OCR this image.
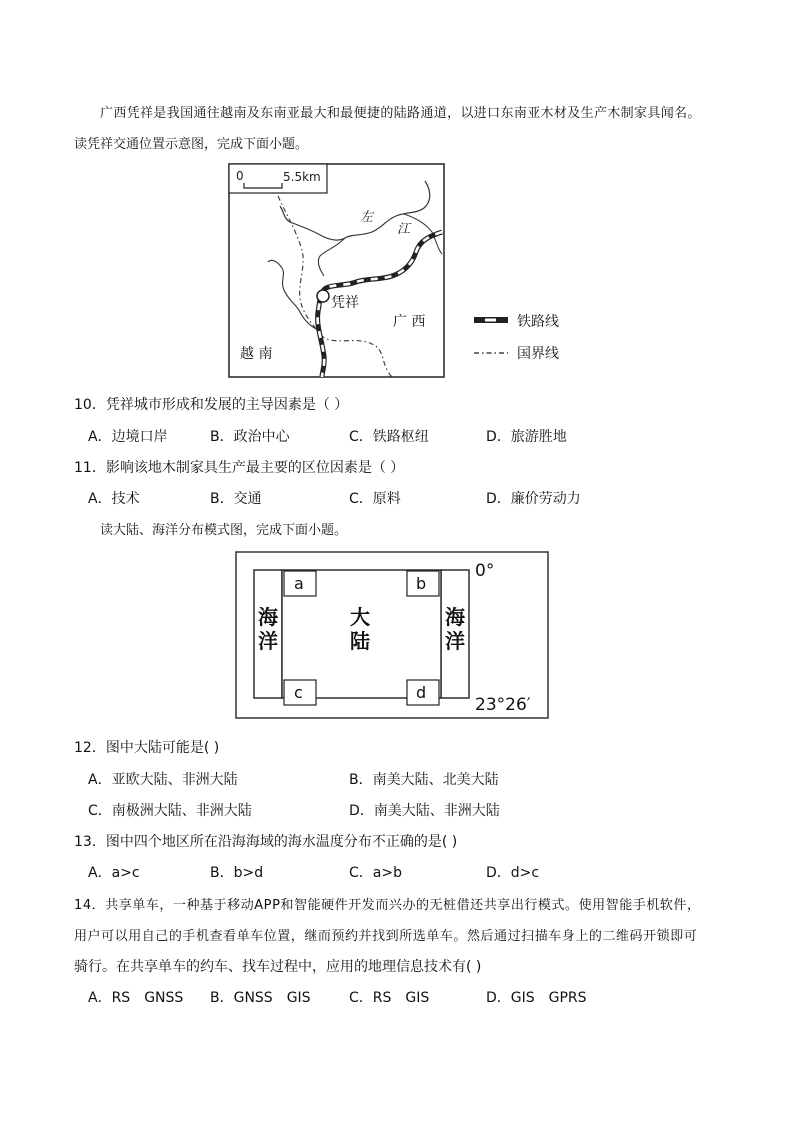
广西凭祥是我国通往越南及东南亚最大和最便捷的陆路通道，以进口东南亚木材及生产木制家具闻名。
读凭祥交通位置示意图，完成下面小题。
0	5.5km
左
江
凭祥
广 西
越 南
铁路线
国界线
10．凭祥城市形成和发展的主导因素是（ ）
A．边境口岸	B．政治中心	C．铁路枢纽	D．旅游胜地
11．影响该地木制家具生产最主要的区位因素是（ ）
A．技术	B．交通	C．原料	D．廉价劳动力
读大陆、海洋分布模式图，完成下面小题。
a	b
c	d
海
洋
海
洋
大
陆
0°
23°26′
12．图中大陆可能是( )
A．亚欧大陆、非洲大陆	B．南美大陆、北美大陆
C．南极洲大陆、非洲大陆	D．南美大陆、非洲大陆
13．图中四个地区所在沿海海域的海水温度分布不正确的是( )
A．a>c	B．b>d	C．a>b	D．d>c
14．共享单车，一种基于移动APP和智能硬件开发而兴办的无桩借还共享出行模式。使用智能手机软件，
用户可以用自己的手机查看单车位置，继而预约并找到所选单车。然后通过扫描车身上的二维码开锁即可
骑行。在共享单车的约车、找车过程中，应用的地理信息技术有( )
A．RS　GNSS B．GNSS　GIS	C．RS　GIS	D．GIS　GPRS
